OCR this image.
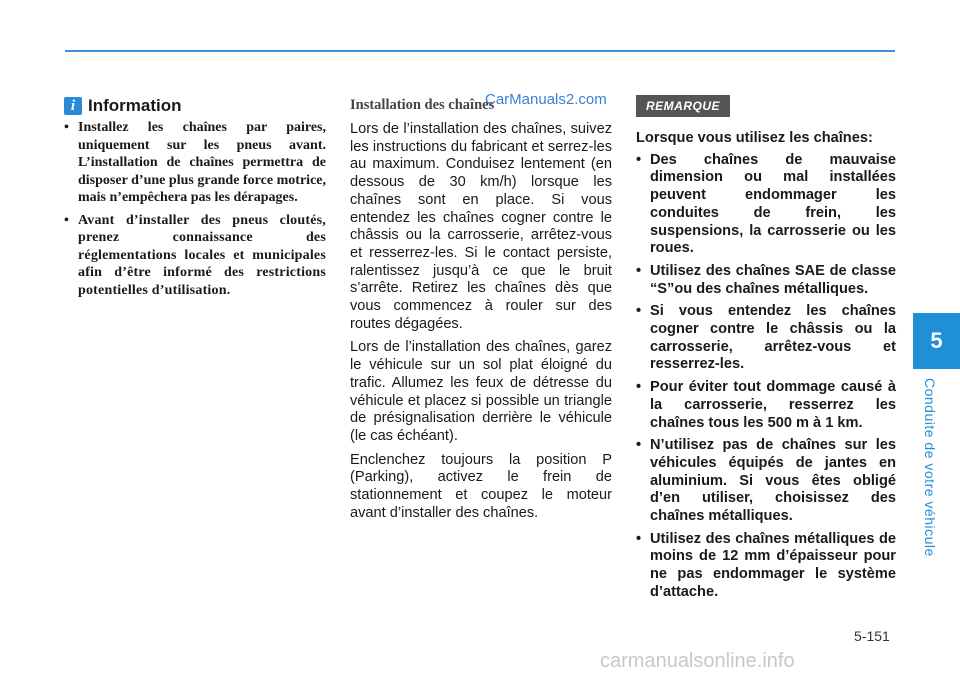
5
Conduite de votre véhicule
i Information
• Installez les chaînes par paires, uniquement sur les pneus avant. L’installation de chaînes permettra de disposer d’une plus grande force motrice, mais n’empêchera pas les dérapages.
• Avant d’installer des pneus cloutés, prenez connaissance des réglementations locales et municipales afin d’être informé des restrictions potentielles d’utilisation.
Installation des chaînes

Lors de l’installation des chaînes, suivez les instructions du fabricant et serrez-les au maximum. Conduisez lentement (en dessous de 30 km/h) lorsque les chaînes sont en place. Si vous entendez les chaînes cogner contre le châssis ou la carrosserie, arrêtez-vous et resserrez-les. Si le contact persiste, ralentissez jusqu’à ce que le bruit s’arrête. Retirez les chaînes dès que vous commencez à rouler sur des routes dégagées.

Lors de l’installation des chaînes, garez le véhicule sur un sol plat éloigné du trafic. Allumez les feux de détresse du véhicule et placez si possible un triangle de présignalisation derrière le véhicule (le cas échéant).

Enclenchez toujours la position P (Parking), activez le frein de stationnement et coupez le moteur avant d’installer des chaînes.

CarManuals2.com	REMARQUE

Lorsque vous utilisez les chaînes:

• Des chaînes de mauvaise dimension ou mal installées peuvent endommager les conduites de frein, les suspensions, la carrosserie ou les roues.
• Utilisez des chaînes SAE de classe “S”ou des chaînes métalliques.
• Si vous entendez les chaînes cogner contre le châssis ou la carrosserie, arrêtez-vous et resserrez-les.
• Pour éviter tout dommage causé à la carrosserie, resserrez les chaînes tous les 500 m à 1 km.
• N’utilisez pas de chaînes sur les véhicules équipés de jantes en aluminium. Si vous êtes obligé d’en utiliser, choisissez des chaînes métalliques.
• Utilisez des chaînes métalliques de moins de 12 mm d’épaisseur pour ne pas endommager le système d’attache.
5-151
carmanualsonline.info
